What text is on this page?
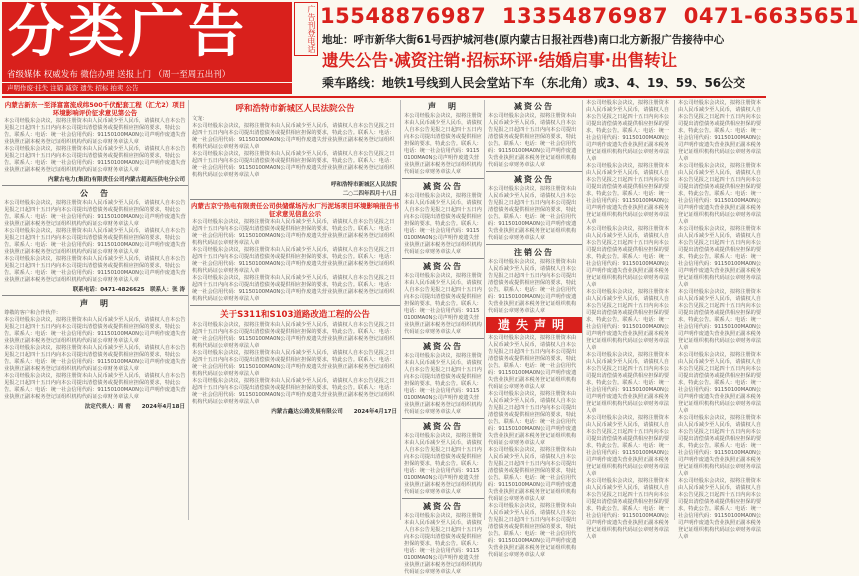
分类广告
省级媒体 权威发布 微信办理 送报上门 （周一至周五出刊）
声明作废·挂失 注销 减资 遗失 招标 拍卖 公告
广告刊登电话 15548876987 13354876987 0471-6635651
地址：呼市新华大街61号西护城河巷(原内蒙古日报社西巷)南口北方新报广告接待中心
遗失公告·减资注销·招标环评·结婚启事·出售转让
乘车路线：地铁1号线到人民会堂站下车（东北角）或3、4、19、59、56公交
内蒙古新东一至泽富富流成纬500千伏配套工程（汇尤2）项目环境影响评价征求意见第公告
本公司经股东会决议，拟将注册资本由人民币减少至人民币，请债权人自本公告见报之日起四十五日内向本公司提出清偿债务或提供相应担保的要求，特此公告。联系人：电话：统一社会信用代码：91150100MA0N公司声明作废遗失营业执照正副本税务登记证组织机构代码证公章财务章法人章
本公司经股东会决议，拟将注册资本由人民币减少至人民币，请债权人自本公告见报之日起四十五日内向本公司提出清偿债务或提供相应担保的要求，特此公告。联系人：电话：统一社会信用代码：91150100MA0N公司声明作废遗失营业执照正副本税务登记证组织机构代码证公章财务章法人章
内蒙古电力(集团)有限责任公司内蒙古超高压供电分公司
公　告
本公司经股东会决议，拟将注册资本由人民币减少至人民币，请债权人自本公告见报之日起四十五日内向本公司提出清偿债务或提供相应担保的要求，特此公告。联系人：电话：统一社会信用代码：91150100MA0N公司声明作废遗失营业执照正副本税务登记证组织机构代码证公章财务章法人章
本公司经股东会决议，拟将注册资本由人民币减少至人民币，请债权人自本公告见报之日起四十五日内向本公司提出清偿债务或提供相应担保的要求，特此公告。联系人：电话：统一社会信用代码：91150100MA0N公司声明作废遗失营业执照正副本税务登记证组织机构代码证公章财务章法人章
本公司经股东会决议，拟将注册资本由人民币减少至人民币，请债权人自本公告见报之日起四十五日内向本公司提出清偿债务或提供相应担保的要求，特此公告。联系人：电话：统一社会信用代码：91150100MA0N公司声明作废遗失营业执照正副本税务登记证组织机构代码证公章财务章法人章
联系电话：0471-4826625　联系人：张 涛
声　明
尊敬的客户和合作伙伴：
本公司经股东会决议，拟将注册资本由人民币减少至人民币，请债权人自本公告见报之日起四十五日内向本公司提出清偿债务或提供相应担保的要求，特此公告。联系人：电话：统一社会信用代码：91150100MA0N公司声明作废遗失营业执照正副本税务登记证组织机构代码证公章财务章法人章
本公司经股东会决议，拟将注册资本由人民币减少至人民币，请债权人自本公告见报之日起四十五日内向本公司提出清偿债务或提供相应担保的要求，特此公告。联系人：电话：统一社会信用代码：91150100MA0N公司声明作废遗失营业执照正副本税务登记证组织机构代码证公章财务章法人章
本公司经股东会决议，拟将注册资本由人民币减少至人民币，请债权人自本公告见报之日起四十五日内向本公司提出清偿债务或提供相应担保的要求，特此公告。联系人：电话：统一社会信用代码：91150100MA0N公司声明作废遗失营业执照正副本税务登记证组织机构代码证公章财务章法人章
法定代表人：周 密　　2024年4月18日
呼和浩特市新城区人民法院公告
文宠：
本公司经股东会决议，拟将注册资本由人民币减少至人民币，请债权人自本公告见报之日起四十五日内向本公司提出清偿债务或提供相应担保的要求，特此公告。联系人：电话：统一社会信用代码：91150100MA0N公司声明作废遗失营业执照正副本税务登记证组织机构代码证公章财务章法人章
本公司经股东会决议，拟将注册资本由人民币减少至人民币，请债权人自本公告见报之日起四十五日内向本公司提出清偿债务或提供相应担保的要求，特此公告。联系人：电话：统一社会信用代码：91150100MA0N公司声明作废遗失营业执照正副本税务登记证组织机构代码证公章财务章法人章
呼和浩特市新城区人民法院
二○二四年四月十八日
内蒙古京宁热电有限责任公司供储煤场污水厂污泥场项目环境影响报告书征求意见信息公示
本公司经股东会决议，拟将注册资本由人民币减少至人民币，请债权人自本公告见报之日起四十五日内向本公司提出清偿债务或提供相应担保的要求，特此公告。联系人：电话：统一社会信用代码：91150100MA0N公司声明作废遗失营业执照正副本税务登记证组织机构代码证公章财务章法人章
本公司经股东会决议，拟将注册资本由人民币减少至人民币，请债权人自本公告见报之日起四十五日内向本公司提出清偿债务或提供相应担保的要求，特此公告。联系人：电话：统一社会信用代码：91150100MA0N公司声明作废遗失营业执照正副本税务登记证组织机构代码证公章财务章法人章
本公司经股东会决议，拟将注册资本由人民币减少至人民币，请债权人自本公告见报之日起四十五日内向本公司提出清偿债务或提供相应担保的要求，特此公告。联系人：电话：统一社会信用代码：91150100MA0N公司声明作废遗失营业执照正副本税务登记证组织机构代码证公章财务章法人章
关于S311和S103道路改造工程的公告
本公司经股东会决议，拟将注册资本由人民币减少至人民币，请债权人自本公告见报之日起四十五日内向本公司提出清偿债务或提供相应担保的要求，特此公告。联系人：电话：统一社会信用代码：91150100MA0N公司声明作废遗失营业执照正副本税务登记证组织机构代码证公章财务章法人章
本公司经股东会决议，拟将注册资本由人民币减少至人民币，请债权人自本公告见报之日起四十五日内向本公司提出清偿债务或提供相应担保的要求，特此公告。联系人：电话：统一社会信用代码：91150100MA0N公司声明作废遗失营业执照正副本税务登记证组织机构代码证公章财务章法人章
本公司经股东会决议，拟将注册资本由人民币减少至人民币，请债权人自本公告见报之日起四十五日内向本公司提出清偿债务或提供相应担保的要求，特此公告。联系人：电话：统一社会信用代码：91150100MA0N公司声明作废遗失营业执照正副本税务登记证组织机构代码证公章财务章法人章
内蒙古鑫达公路发展有限公司　　2024年4月17日
声　明
本公司经股东会决议，拟将注册资本由人民币减少至人民币，请债权人自本公告见报之日起四十五日内向本公司提出清偿债务或提供相应担保的要求，特此公告。联系人：电话：统一社会信用代码：91150100MA0N公司声明作废遗失营业执照正副本税务登记证组织机构代码证公章财务章法人章
减资公告
本公司经股东会决议，拟将注册资本由人民币减少至人民币，请债权人自本公告见报之日起四十五日内向本公司提出清偿债务或提供相应担保的要求，特此公告。联系人：电话：统一社会信用代码：91150100MA0N公司声明作废遗失营业执照正副本税务登记证组织机构代码证公章财务章法人章
减资公告
本公司经股东会决议，拟将注册资本由人民币减少至人民币，请债权人自本公告见报之日起四十五日内向本公司提出清偿债务或提供相应担保的要求，特此公告。联系人：电话：统一社会信用代码：91150100MA0N公司声明作废遗失营业执照正副本税务登记证组织机构代码证公章财务章法人章
减资公告
本公司经股东会决议，拟将注册资本由人民币减少至人民币，请债权人自本公告见报之日起四十五日内向本公司提出清偿债务或提供相应担保的要求，特此公告。联系人：电话：统一社会信用代码：91150100MA0N公司声明作废遗失营业执照正副本税务登记证组织机构代码证公章财务章法人章
减资公告
本公司经股东会决议，拟将注册资本由人民币减少至人民币，请债权人自本公告见报之日起四十五日内向本公司提出清偿债务或提供相应担保的要求，特此公告。联系人：电话：统一社会信用代码：91150100MA0N公司声明作废遗失营业执照正副本税务登记证组织机构代码证公章财务章法人章
减资公告
本公司经股东会决议，拟将注册资本由人民币减少至人民币，请债权人自本公告见报之日起四十五日内向本公司提出清偿债务或提供相应担保的要求，特此公告。联系人：电话：统一社会信用代码：91150100MA0N公司声明作废遗失营业执照正副本税务登记证组织机构代码证公章财务章法人章
减资公告
本公司经股东会决议，拟将注册资本由人民币减少至人民币，请债权人自本公告见报之日起四十五日内向本公司提出清偿债务或提供相应担保的要求，特此公告。联系人：电话：统一社会信用代码：91150100MA0N公司声明作废遗失营业执照正副本税务登记证组织机构代码证公章财务章法人章
减资公告
本公司经股东会决议，拟将注册资本由人民币减少至人民币，请债权人自本公告见报之日起四十五日内向本公司提出清偿债务或提供相应担保的要求，特此公告。联系人：电话：统一社会信用代码：91150100MA0N公司声明作废遗失营业执照正副本税务登记证组织机构代码证公章财务章法人章
注销公告
本公司经股东会决议，拟将注册资本由人民币减少至人民币，请债权人自本公告见报之日起四十五日内向本公司提出清偿债务或提供相应担保的要求，特此公告。联系人：电话：统一社会信用代码：91150100MA0N公司声明作废遗失营业执照正副本税务登记证组织机构代码证公章财务章法人章
遗失声明
本公司经股东会决议，拟将注册资本由人民币减少至人民币，请债权人自本公告见报之日起四十五日内向本公司提出清偿债务或提供相应担保的要求，特此公告。联系人：电话：统一社会信用代码：91150100MA0N公司声明作废遗失营业执照正副本税务登记证组织机构代码证公章财务章法人章
本公司经股东会决议，拟将注册资本由人民币减少至人民币，请债权人自本公告见报之日起四十五日内向本公司提出清偿债务或提供相应担保的要求，特此公告。联系人：电话：统一社会信用代码：91150100MA0N公司声明作废遗失营业执照正副本税务登记证组织机构代码证公章财务章法人章
本公司经股东会决议，拟将注册资本由人民币减少至人民币，请债权人自本公告见报之日起四十五日内向本公司提出清偿债务或提供相应担保的要求，特此公告。联系人：电话：统一社会信用代码：91150100MA0N公司声明作废遗失营业执照正副本税务登记证组织机构代码证公章财务章法人章
本公司经股东会决议，拟将注册资本由人民币减少至人民币，请债权人自本公告见报之日起四十五日内向本公司提出清偿债务或提供相应担保的要求，特此公告。联系人：电话：统一社会信用代码：91150100MA0N公司声明作废遗失营业执照正副本税务登记证组织机构代码证公章财务章法人章
本公司经股东会决议，拟将注册资本由人民币减少至人民币，请债权人自本公告见报之日起四十五日内向本公司提出清偿债务或提供相应担保的要求，特此公告。联系人：电话：统一社会信用代码：91150100MA0N公司声明作废遗失营业执照正副本税务登记证组织机构代码证公章财务章法人章
本公司经股东会决议，拟将注册资本由人民币减少至人民币，请债权人自本公告见报之日起四十五日内向本公司提出清偿债务或提供相应担保的要求，特此公告。联系人：电话：统一社会信用代码：91150100MA0N公司声明作废遗失营业执照正副本税务登记证组织机构代码证公章财务章法人章
本公司经股东会决议，拟将注册资本由人民币减少至人民币，请债权人自本公告见报之日起四十五日内向本公司提出清偿债务或提供相应担保的要求，特此公告。联系人：电话：统一社会信用代码：91150100MA0N公司声明作废遗失营业执照正副本税务登记证组织机构代码证公章财务章法人章
本公司经股东会决议，拟将注册资本由人民币减少至人民币，请债权人自本公告见报之日起四十五日内向本公司提出清偿债务或提供相应担保的要求，特此公告。联系人：电话：统一社会信用代码：91150100MA0N公司声明作废遗失营业执照正副本税务登记证组织机构代码证公章财务章法人章
本公司经股东会决议，拟将注册资本由人民币减少至人民币，请债权人自本公告见报之日起四十五日内向本公司提出清偿债务或提供相应担保的要求，特此公告。联系人：电话：统一社会信用代码：91150100MA0N公司声明作废遗失营业执照正副本税务登记证组织机构代码证公章财务章法人章
本公司经股东会决议，拟将注册资本由人民币减少至人民币，请债权人自本公告见报之日起四十五日内向本公司提出清偿债务或提供相应担保的要求，特此公告。联系人：电话：统一社会信用代码：91150100MA0N公司声明作废遗失营业执照正副本税务登记证组织机构代码证公章财务章法人章
本公司经股东会决议，拟将注册资本由人民币减少至人民币，请债权人自本公告见报之日起四十五日内向本公司提出清偿债务或提供相应担保的要求，特此公告。联系人：电话：统一社会信用代码：91150100MA0N公司声明作废遗失营业执照正副本税务登记证组织机构代码证公章财务章法人章
本公司经股东会决议，拟将注册资本由人民币减少至人民币，请债权人自本公告见报之日起四十五日内向本公司提出清偿债务或提供相应担保的要求，特此公告。联系人：电话：统一社会信用代码：91150100MA0N公司声明作废遗失营业执照正副本税务登记证组织机构代码证公章财务章法人章
本公司经股东会决议，拟将注册资本由人民币减少至人民币，请债权人自本公告见报之日起四十五日内向本公司提出清偿债务或提供相应担保的要求，特此公告。联系人：电话：统一社会信用代码：91150100MA0N公司声明作废遗失营业执照正副本税务登记证组织机构代码证公章财务章法人章
本公司经股东会决议，拟将注册资本由人民币减少至人民币，请债权人自本公告见报之日起四十五日内向本公司提出清偿债务或提供相应担保的要求，特此公告。联系人：电话：统一社会信用代码：91150100MA0N公司声明作废遗失营业执照正副本税务登记证组织机构代码证公章财务章法人章
本公司经股东会决议，拟将注册资本由人民币减少至人民币，请债权人自本公告见报之日起四十五日内向本公司提出清偿债务或提供相应担保的要求，特此公告。联系人：电话：统一社会信用代码：91150100MA0N公司声明作废遗失营业执照正副本税务登记证组织机构代码证公章财务章法人章
本公司经股东会决议，拟将注册资本由人民币减少至人民币，请债权人自本公告见报之日起四十五日内向本公司提出清偿债务或提供相应担保的要求，特此公告。联系人：电话：统一社会信用代码：91150100MA0N公司声明作废遗失营业执照正副本税务登记证组织机构代码证公章财务章法人章
本公司经股东会决议，拟将注册资本由人民币减少至人民币，请债权人自本公告见报之日起四十五日内向本公司提出清偿债务或提供相应担保的要求，特此公告。联系人：电话：统一社会信用代码：91150100MA0N公司声明作废遗失营业执照正副本税务登记证组织机构代码证公章财务章法人章
本公司经股东会决议，拟将注册资本由人民币减少至人民币，请债权人自本公告见报之日起四十五日内向本公司提出清偿债务或提供相应担保的要求，特此公告。联系人：电话：统一社会信用代码：91150100MA0N公司声明作废遗失营业执照正副本税务登记证组织机构代码证公章财务章法人章
